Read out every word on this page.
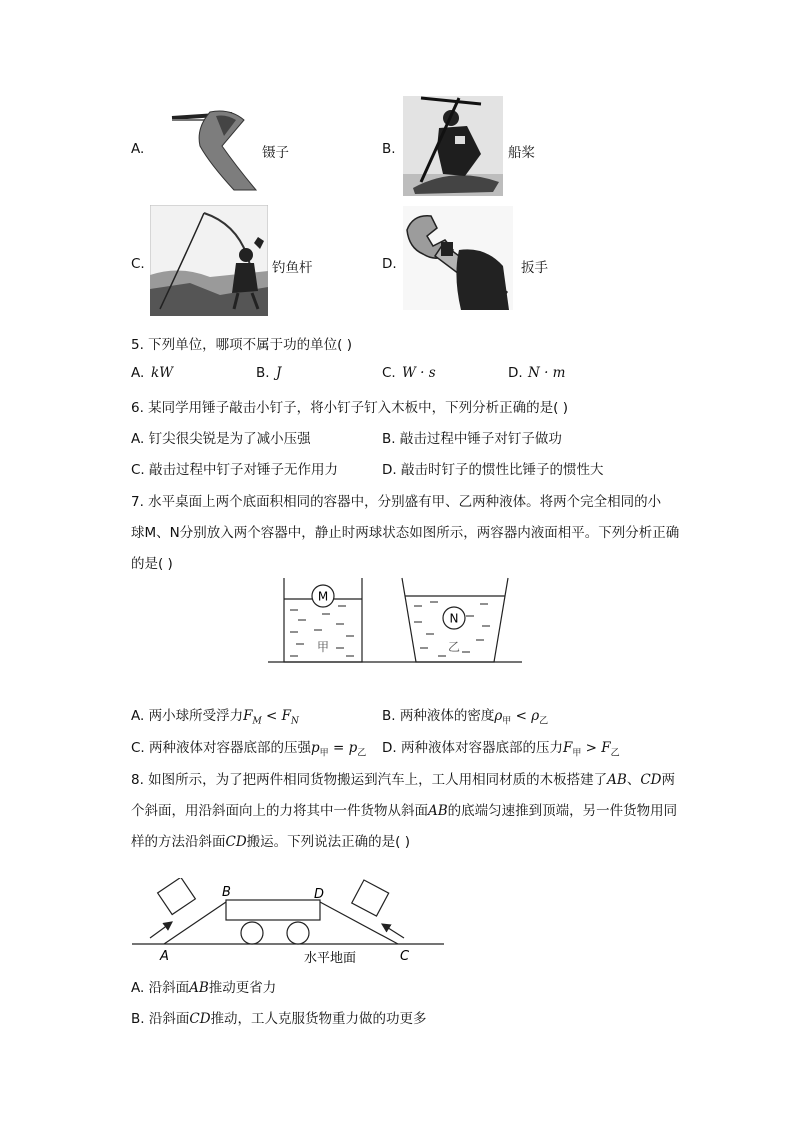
A.	镊子	B.	船桨
C.	钓鱼杆	D.	扳手
5. 下列单位，哪项不属于功的单位( )
A. kW	B. J	C. W · s	D. N · m
6. 某同学用锤子敲击小钉子，将小钉子钉入木板中，下列分析正确的是( )
A. 钉尖很尖锐是为了减小压强	B. 敲击过程中锤子对钉子做功
C. 敲击过程中钉子对锤子无作用力	D. 敲击时钉子的惯性比锤子的惯性大
7. 水平桌面上两个底面积相同的容器中，分别盛有甲、乙两种液体。将两个完全相同的小
球M、N分别放入两个容器中，静止时两球状态如图所示，两容器内液面相平。下列分析正确
的是( )
M
甲
N
乙
A. 两小球所受浮力$F_M < F_N$	B. 两种液体的密度$\rho_甲 < \rho_乙$
C. 两种液体对容器底部的压强$p_甲 = p_乙$ D. 两种液体对容器底部的压力$F_甲 > F_乙$
8. 如图所示，为了把两件相同货物搬运到汽车上，工人用相同材质的木板搭建了AB、CD两
个斜面，用沿斜面向上的力将其中一件货物从斜面AB的底端匀速推到顶端，另一件货物用同
样的方法沿斜面CD搬运。下列说法正确的是( )
A
B	D
C
水平地面
A. 沿斜面AB推动更省力
B. 沿斜面CD推动，工人克服货物重力做的功更多
